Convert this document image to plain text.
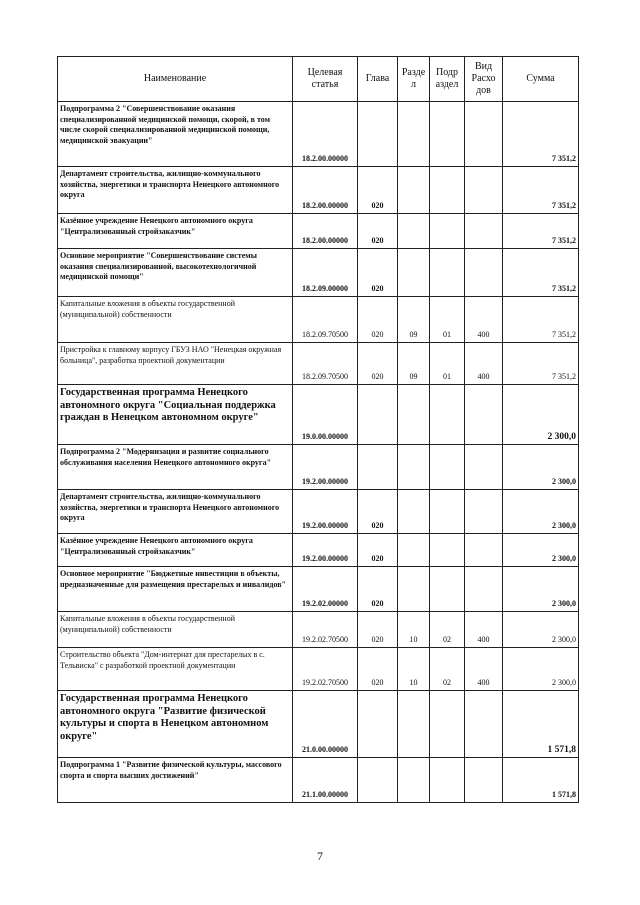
Наименование	Целевая статья	Глава	Разде л	Подр аздел	Вид Расхо дов	Сумма
Подпрограмма 2 "Совершенствование оказания специализированной медицинской помощи, скорой, в том числе скорой специализированной медицинской помощи, медицинской эвакуации"	18.2.00.00000					7 351,2
Департамент строительства, жилищно-коммунального хозяйства, энергетики и транспорта Ненецкого автономного округа	18.2.00.00000	020				7 351,2
Казённое учреждение Ненецкого автономного округа "Централизованный стройзаказчик"	18.2.00.00000	020				7 351,2
Основное мероприятие "Совершенствование системы оказания специализированной, высокотехнологичной медицинской помощи"	18.2.09.00000	020				7 351,2
Капитальные вложения в объекты государственной (муниципальной) собственности	18.2.09.70500	020	09	01	400	7 351,2
Пристройка к главному корпусу ГБУЗ НАО "Ненецкая окружная больница", разработка проектной документации	18.2.09.70500	020	09	01	400	7 351,2
Государственная программа Ненецкого автономного округа "Социальная поддержка граждан в Ненецком автономном округе"	19.0.00.00000					2 300,0
Подпрограмма 2 "Модернизация и развитие социального обслуживания населения Ненецкого автономного округа"	19.2.00.00000					2 300,0
Департамент строительства, жилищно-коммунального хозяйства, энергетики и транспорта Ненецкого автономного округа	19.2.00.00000	020				2 300,0
Казённое учреждение Ненецкого автономного округа "Централизованный стройзаказчик"	19.2.00.00000	020				2 300,0
Основное мероприятие "Бюджетные инвестиции в объекты, предназначенные для размещения престарелых и инвалидов"	19.2.02.00000	020				2 300,0
Капитальные вложения в объекты государственной (муниципальной) собственности	19.2.02.70500	020	10	02	400	2 300,0
Строительство объекта "Дом-интернат для престарелых в с. Тельвиска" с разработкой проектной документации	19.2.02.70500	020	10	02	400	2 300,0
Государственная программа Ненецкого автономного округа "Развитие физической культуры и спорта в Ненецком автономном округе"	21.0.00.00000					1 571,8
Подпрограмма 1 "Развитие физической культуры, массового спорта и спорта высших достижений"	21.1.00.00000					1 571,8
7
